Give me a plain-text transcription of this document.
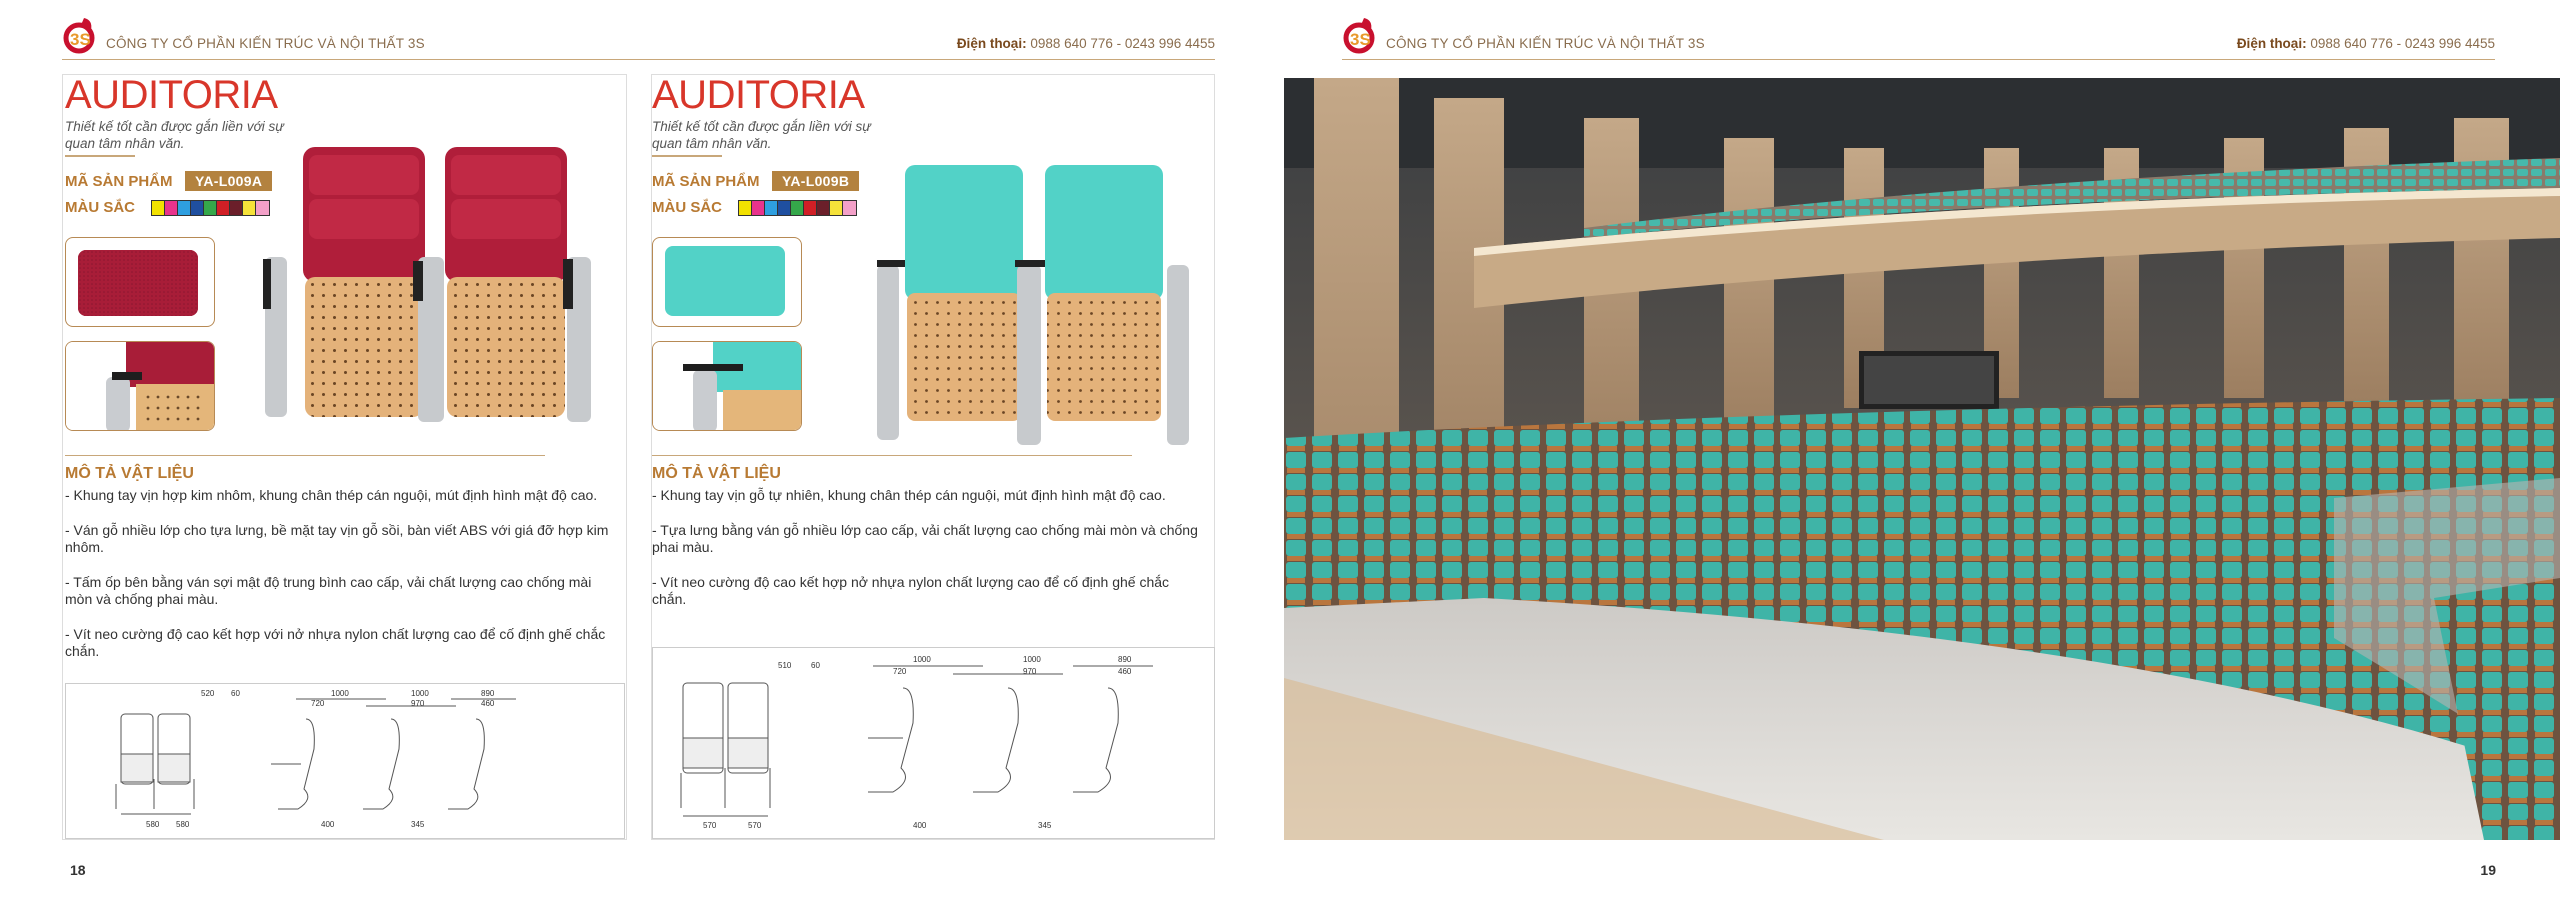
3S CÔNG TY CỔ PHẦN KIẾN TRÚC VÀ NỘI THẤT 3S	Điện thoại: 0988 640 776 - 0243 996 4455
AUDITORIA
Thiết kế tốt cần được gắn liền với sự quan tâm nhân văn.
MÃ SẢN PHẨM	YA-L009A
MÀU SẮC
MÔ TẢ VẬT LIỆU

- Khung tay vịn hợp kim nhôm, khung chân thép cán nguội, mút định hình mật độ cao.

- Ván gỗ nhiều lớp cho tựa lưng, bề mặt tay vịn gỗ sồi, bàn viết ABS với giá đỡ hợp kim nhôm.

- Tấm ốp bên bằng ván sợi mật độ trung bình cao cấp, vải chất lượng cao chống mài mòn và chống phai màu.

- Vít neo cường độ cao kết hợp với nở nhựa nylon chất lượng cao để cố định ghế chắc chắn.

520 60	1000
720
1000
970
890
460
580 580	400	345
AUDITORIA
Thiết kế tốt cần được gắn liền với sự quan tâm nhân văn.
MÃ SẢN PHẨM	YA-L009B
MÀU SẮC
MÔ TẢ VẬT LIỆU

- Khung tay vịn gỗ tự nhiên, khung chân thép cán nguội, mút định hình mật độ cao.

- Tựa lưng bằng ván gỗ nhiều lớp cao cấp, vải chất lượng cao chống mài mòn và chống phai màu.

- Vít neo cường độ cao kết hợp nở nhựa nylon chất lượng cao để cố định ghế chắc chắn.

510 60
1000
720
1000
970
890
460
570	570	400	345
18
3S CÔNG TY CỔ PHẦN KIẾN TRÚC VÀ NỘI THẤT 3S	Điện thoại: 0988 640 776 - 0243 996 4455
19
